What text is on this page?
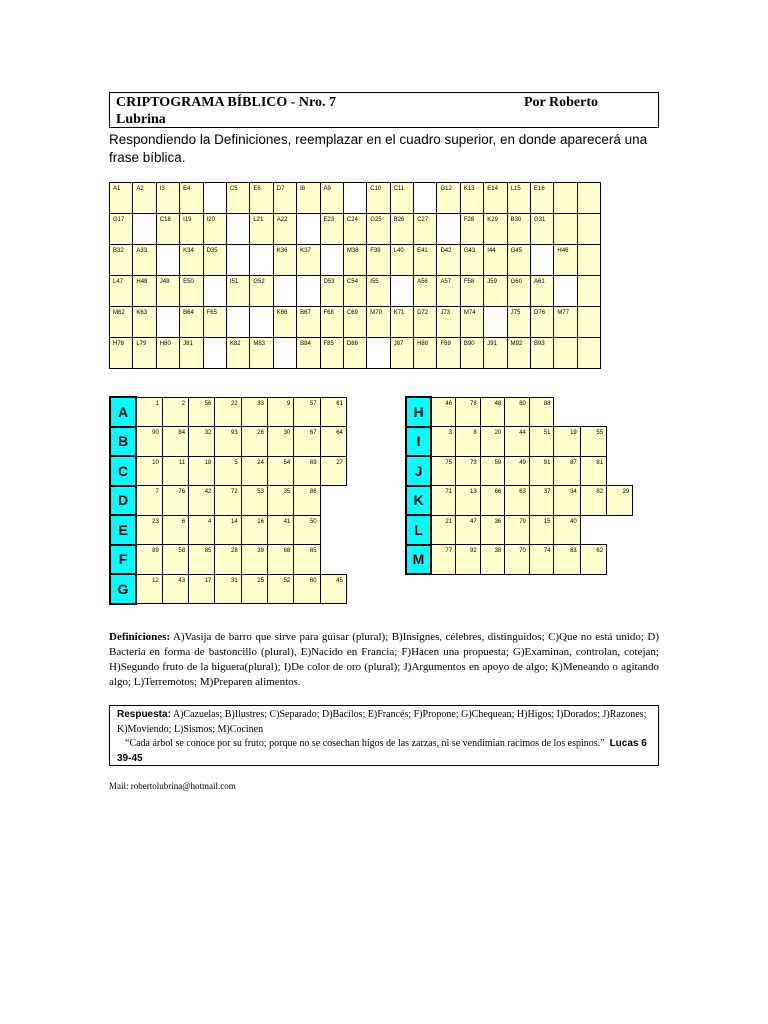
CRIPTOGRAMA BÍBLICO - Nro. 7	Por Roberto
Lubrina
Respondiendo la Definiciones, reemplazar en el cuadro superior, en donde aparecerá una frase bíblica.
A1	A2	I3	E4		C5	E6	D7	I8	A9		C10	C11		G12	K13	E14	L15	E16		

G17		C18	I19	I20		L21	A22		E23	C24	G25	B26	C27		F28	K29	B30	G31		

B32	A33		K34	D35			K36	K37		M38	F39	L40	E41	D42	G43	I44	G45		H46	

L47	H48	J49	E50		I51	G52			D53	C54	I55		A56	A57	F58	J59	G60	A61		

M62	K63		B64	F65			K66	B67	F68	C69	M70	K71	D72	J73	M74		J75	D76	M77	

H78	L79	H80	J81		K82	M83		B84	F85	D86		J87	H88	F89	B90	J91	M92	B93		

A	1	2	56	22	33	9	57	61

B	90	84	32	93	26	30	67	64

C	10	11	18	5	24	54	69	27

D	7	76	42	72	53	35	86	

E	23	6	4	14	16	41	50	

F	89	58	85	28	39	68	65	

G	12	43	17	31	25	52	60	45
H	46	78	48	80	88			

I	3	8	20	44	51	19	55	

J	75	73	59	49	91	87	81	

K	71	13	66	63	37	34	82	29

L	21	47	36	79	15	40		

M	77	92	38	70	74	83	62	

Definiciones: A)Vasija de barro que sirve para guisar (plural); B)Insignes, célebres, distinguidos; C)Que no está unido; D) Bacteria en forma de bastoncillo (plural), E)Nacido en Francia; F)Hacen una propuesta; G)Examinan, controlan, cotejan; H)Segundo fruto de la higuera(plural); I)De color de oro (plural); J)Argumentos en apoyo de algo; K)Meneando o agitando algo; L)Terremotos; M)Preparen alimentos.
Respuesta: A)Cazuelas; B)Ilustres; C)Separado; D)Bacilos; E)Francés; F)Propone; G)Chequean; H)Higos; I)Dorados; J)Razones; K)Moviendo; L)Sismos; M)Cocinen
“Cada árbol se conoce por su fruto; porque no se cosechan higos de las zarzas, ni se vendimian racimos de los espinos.” Lucas 6 39-45
Mail: robertolubrina@hotmail.com
